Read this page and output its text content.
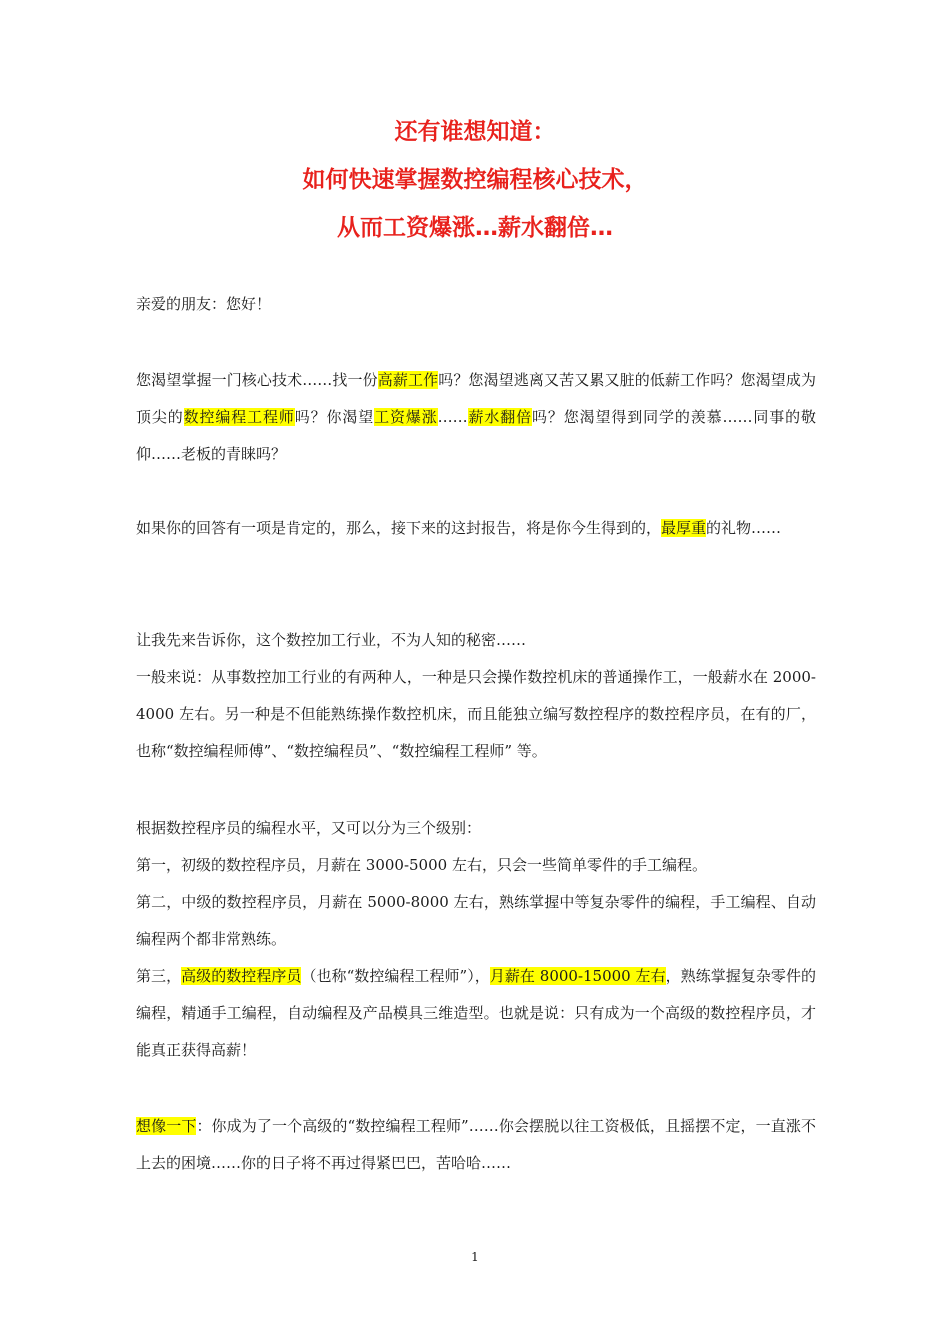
还有谁想知道：
如何快速掌握数控编程核心技术，
从而工资爆涨…薪水翻倍…
亲爱的朋友：您好！
您渴望掌握一门核心技术……找一份高薪工作吗？您渴望逃离又苦又累又脏的低薪工作吗？您渴望成为顶尖的数控编程工程师吗？你渴望工资爆涨……薪水翻倍吗？您渴望得到同学的羡慕……同事的敬仰……老板的青睐吗？
如果你的回答有一项是肯定的，那么，接下来的这封报告，将是你今生得到的，最厚重的礼物……
让我先来告诉你，这个数控加工行业，不为人知的秘密……
一般来说：从事数控加工行业的有两种人，一种是只会操作数控机床的普通操作工，一般薪水在 2000-4000 左右。另一种是不但能熟练操作数控机床，而且能独立编写数控程序的数控程序员，在有的厂，也称“数控编程师傅”、“数控编程员”、“数控编程工程师” 等。
根据数控程序员的编程水平，又可以分为三个级别：
第一，初级的数控程序员，月薪在 3000-5000 左右，只会一些简单零件的手工编程。
第二，中级的数控程序员，月薪在 5000-8000 左右，熟练掌握中等复杂零件的编程，手工编程、自动编程两个都非常熟练。
第三，高级的数控程序员（也称“数控编程工程师”），月薪在 8000-15000 左右，熟练掌握复杂零件的编程，精通手工编程，自动编程及产品模具三维造型。也就是说：只有成为一个高级的数控程序员，才能真正获得高薪！
想像一下：你成为了一个高级的“数控编程工程师”……你会摆脱以往工资极低，且摇摆不定，一直涨不上去的困境……你的日子将不再过得紧巴巴，苦哈哈……
1
